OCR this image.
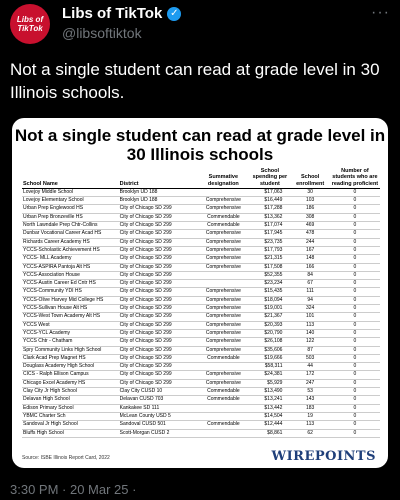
Libs of
TikTok
Libs of TikTok ✓
@libsoftiktok
···
Not a single student can read at grade level in 30 Illinois schools.
Not a single student can read at grade level in 30 Illinois schools
School Name	District	Summative designation	School spending per student	School enrollment	Number of students who are reading proficient
Lovejoy Middle School	Brooklyn UD 188		$17,063	30	0
Lovejoy Elementary School	Brooklyn UD 188	Comprehensive	$16,449	103	0
Urban Prep Englewood HS	City of Chicago SD 299	Comprehensive	$17,288	186	0
Urban Prep Bronzeville HS	City of Chicago SD 299	Commendable	$13,362	308	0
North Lawndale Prep Chtr-Collins	City of Chicago SD 299	Commendable	$17,074	469	0
Dunbar Vocational Career Acad HS	City of Chicago SD 299	Comprehensive	$17,945	478	0
Richards Career Academy HS	City of Chicago SD 299	Comprehensive	$23,735	244	0
YCCS-Scholastic Achievement HS	City of Chicago SD 299	Comprehensive	$17,793	167	0
YCCS- MLL Academy	City of Chicago SD 299	Comprehensive	$21,315	148	0
YCCS-ASPIRA Pantoja Alt HS	City of Chicago SD 299	Comprehensive	$17,508	166	0
YCCS-Association House	City of Chicago SD 299		$52,355	84	0
YCCS-Austin Career Ed Cntr HS	City of Chicago SD 299		$23,234	67	0
YCCS-Community YDI HS	City of Chicago SD 299	Comprehensive	$15,435	111	0
YCCS-Olive Harvey Mid College HS	City of Chicago SD 299	Comprehensive	$18,094	94	0
YCCS-Sullivan House Alt HS	City of Chicago SD 299	Comprehensive	$19,001	324	0
YCCS-West Town Academy Alt HS	City of Chicago SD 299	Comprehensive	$21,367	101	0
YCCS West	City of Chicago SD 299	Comprehensive	$20,393	113	0
YCCS-YCL Academy	City of Chicago SD 299	Comprehensive	$20,790	140	0
YCCS Chtr - Chatham	City of Chicago SD 299	Comprehensive	$26,108	122	0
Spry Community Links High School	City of Chicago SD 299	Comprehensive	$35,606	87	0
Clark Acad Prep Magnet HS	City of Chicago SD 299	Commendable	$19,666	503	0
Douglass Academy High School	City of Chicago SD 299		$58,311	44	0
CICS - Ralph Ellison Campus	City of Chicago SD 299	Comprehensive	$24,381	172	0
Chicago Excel Academy HS	City of Chicago SD 299	Comprehensive	$5,929	247	0
Clay City Jr High School	Clay City CUSD 10	Commendable	$13,490	53	0
Delavan High School	Delavan CUSD 703	Commendable	$13,241	143	0
Edison Primary School	Kankakee SD 111		$13,442	183	0
YBMC Charter Sch	McLean County USD 5		$14,504	19	0
Sandoval Jr High School	Sandoval CUSD 501	Commendable	$12,444	113	0
Bluffs High School	Scott-Morgan CUSD 2		$8,861	62	0
Source: ISBE Illinois Report Card, 2022	WIREPOINTS
3:30 PM · 20 Mar 25 ·
